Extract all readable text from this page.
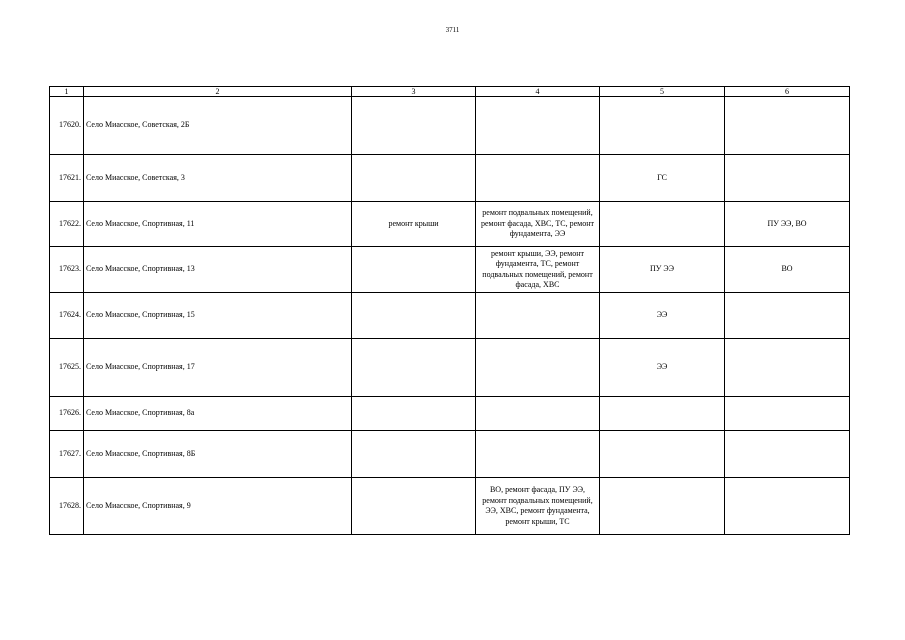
3711
1	2	3	4	5	6
17620.	Село Миасское, Советская, 2Б				
17621.	Село Миасское, Советская, 3			ГС	
17622.	Село Миасское, Спортивная, 11	ремонт крыши	ремонт подвальных помещений, ремонт фасада, ХВС, ТС, ремонт фундамента, ЭЭ		ПУ ЭЭ, ВО
17623.	Село Миасское, Спортивная, 13		ремонт крыши, ЭЭ, ремонт фундамента, ТС, ремонт подвальных помещений, ремонт фасада, ХВС	ПУ ЭЭ	ВО
17624.	Село Миасское, Спортивная, 15			ЭЭ	
17625.	Село Миасское, Спортивная, 17			ЭЭ	
17626.	Село Миасское, Спортивная, 8а				
17627.	Село Миасское, Спортивная, 8Б				
17628.	Село Миасское, Спортивная, 9		ВО, ремонт фасада, ПУ ЭЭ, ремонт подвальных помещений, ЭЭ, ХВС, ремонт фундамента, ремонт крыши, ТС		
